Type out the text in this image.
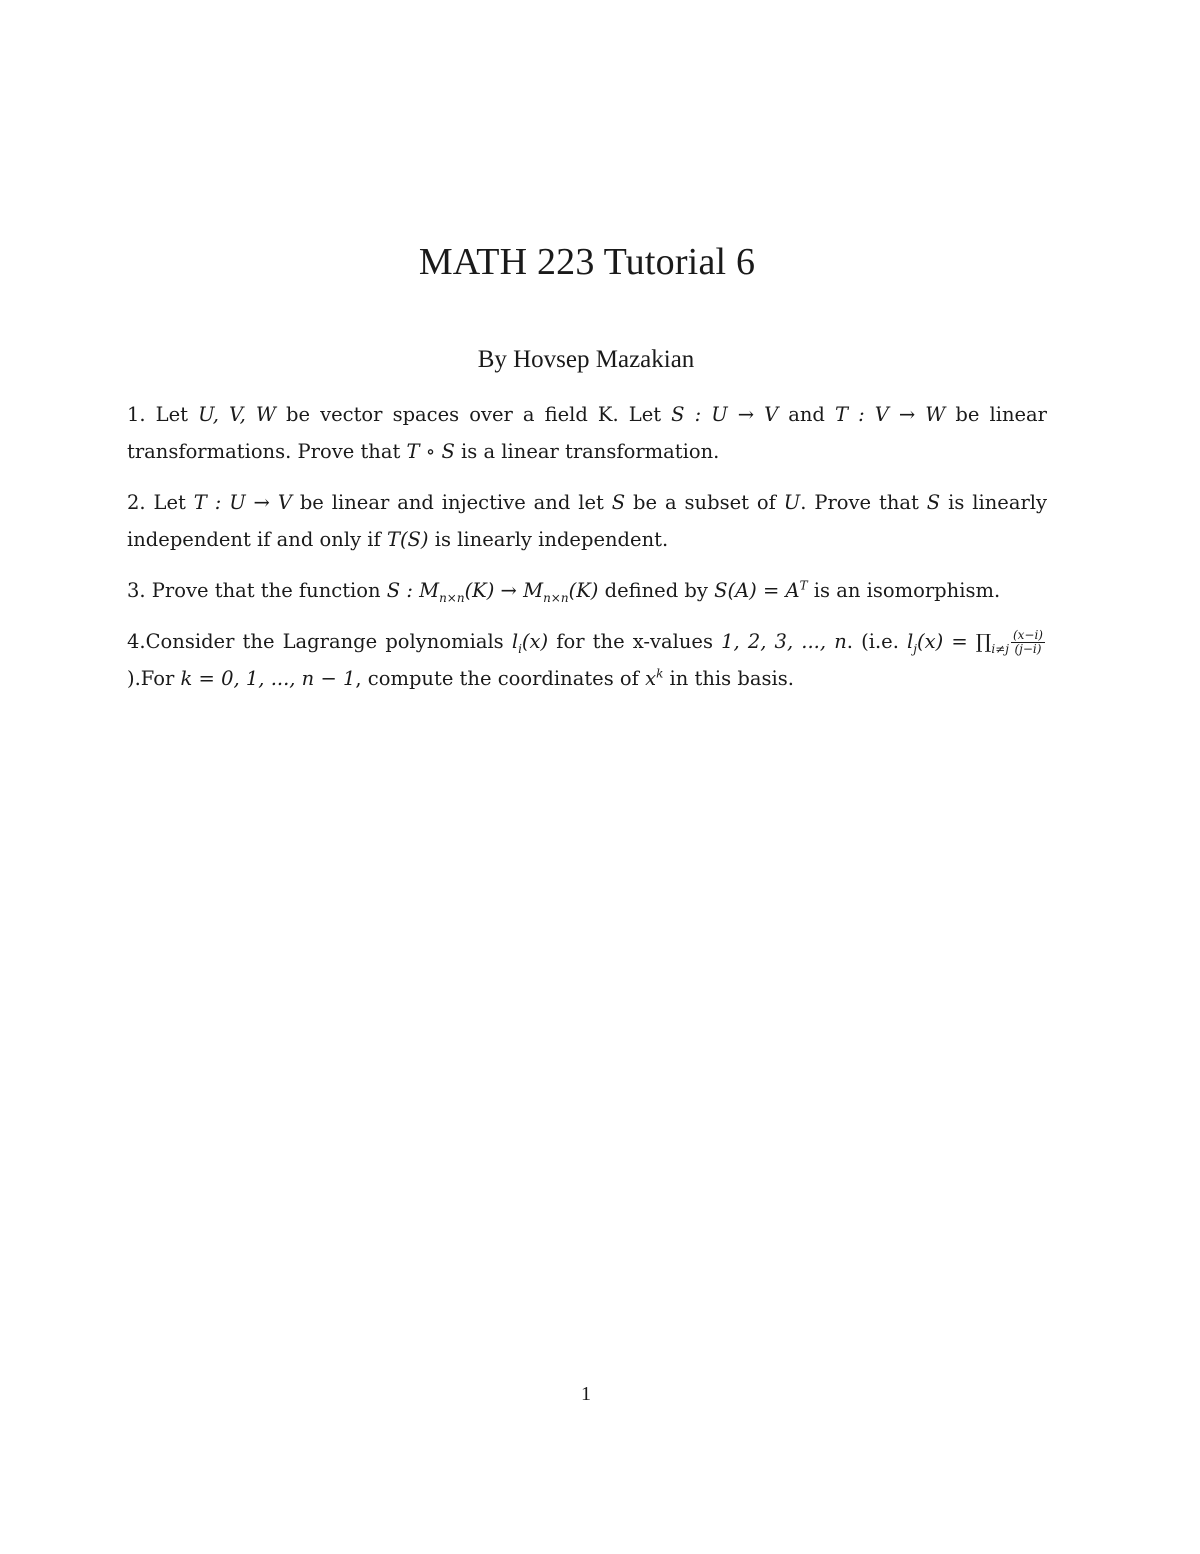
MATH 223 Tutorial 6
By Hovsep Mazakian

1. Let U, V, W be vector spaces over a field K. Let S : U → V and T : V → W be linear transformations. Prove that T ∘ S is a linear transformation.

2. Let T : U → V be linear and injective and let S be a subset of U. Prove that S is linearly independent if and only if T(S) is linearly independent.

3. Prove that the function S : $M_{n\times n}(K) \to M_{n\times n}(K)$ defined by $S(A) = A^T$ is an isomorphism.

4.Consider the Lagrange polynomials $l_i(x)$ for the x-values 1, 2, 3, ..., n. (i.e. $l_j(x)$ = $\prod_{i\ne j} \frac{(x-i)}{(j-i)}$
).For k = 0, 1, ..., n − 1, compute the coordinates of $x^k$ in this basis.

1
